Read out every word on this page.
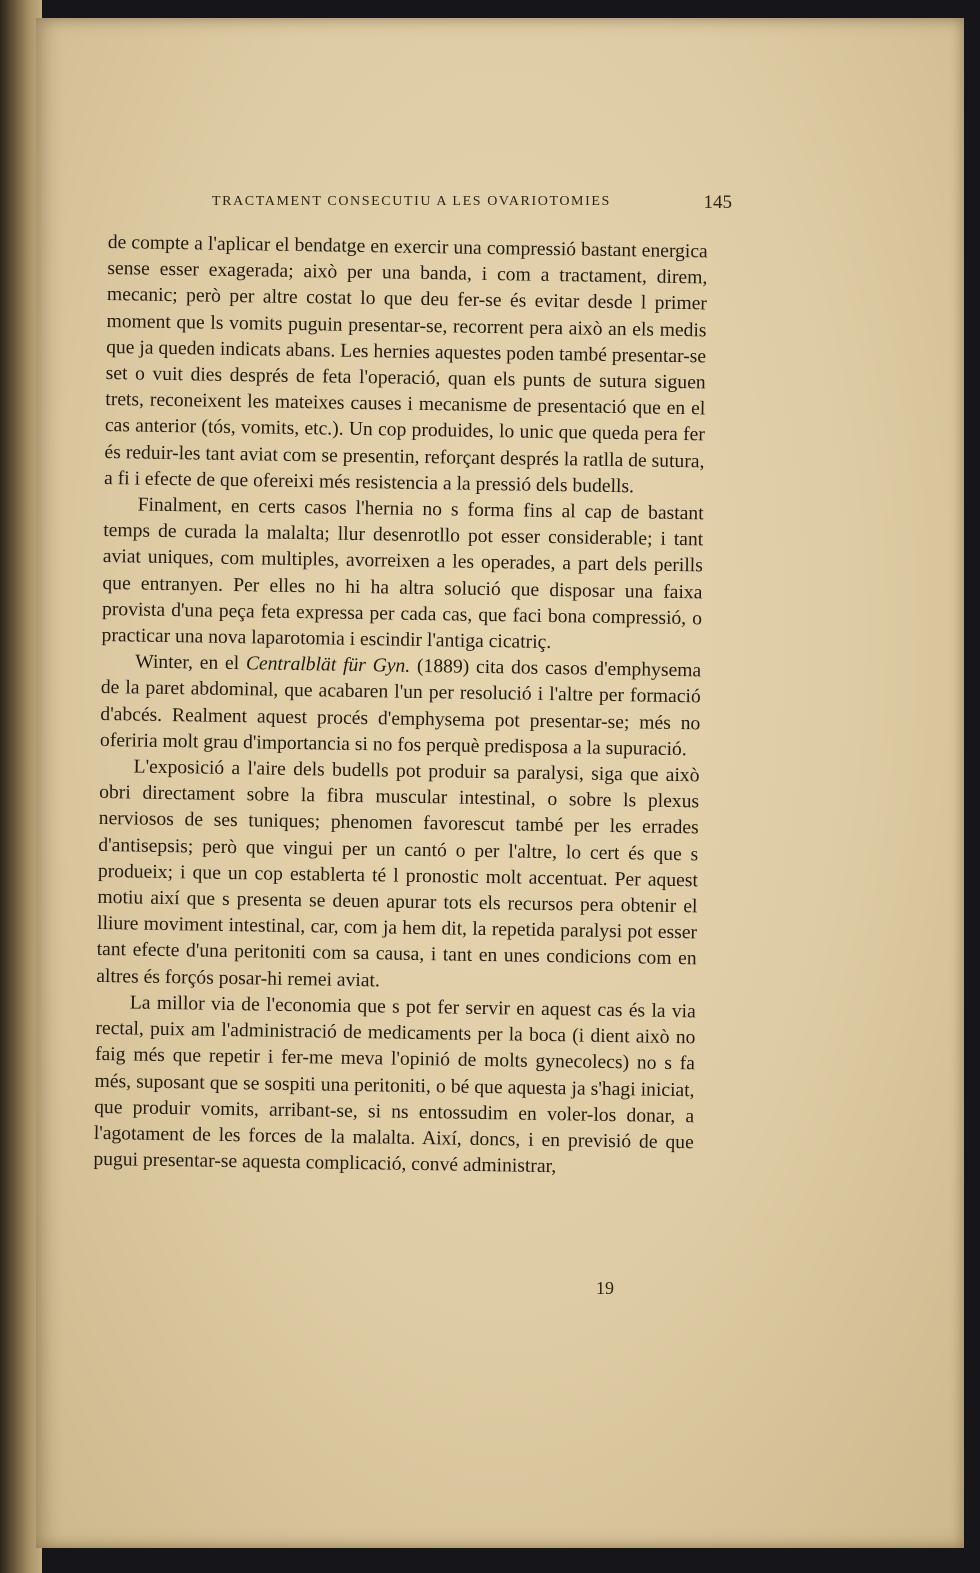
TRACTAMENT CONSECUTIU A LES OVARIOTOMIES	145

de compte a l'aplicar el bendatge en exercir una compressió bastant energica sense esser exagerada; això per una banda, i com a tractament, direm, mecanic; però per altre costat lo que deu fer-se és evitar desde l primer moment que ls vomits puguin presentar-se, recorrent pera això an els medis que ja queden indicats abans. Les hernies aquestes poden també presentar-se set o vuit dies després de feta l'operació, quan els punts de sutura siguen trets, reconeixent les mateixes causes i mecanisme de presentació que en el cas anterior (tós, vomits, etc.). Un cop produides, lo unic que queda pera fer és reduir-les tant aviat com se presentin, reforçant després la ratlla de sutura, a fi i efecte de que ofereixi més resistencia a la pressió dels budells.

Finalment, en certs casos l'hernia no s forma fins al cap de bastant temps de curada la malalta; llur desenrotllo pot esser considerable; i tant aviat uniques, com multiples, avorreixen a les operades, a part dels perills que entranyen. Per elles no hi ha altra solució que disposar una faixa provista d'una peça feta expressa per cada cas, que faci bona compressió, o practicar una nova laparotomia i escindir l'antiga cicatriç.

Winter, en el Centralblät für Gyn. (1889) cita dos casos d'emphysema de la paret abdominal, que acabaren l'un per resolució i l'altre per formació d'abcés. Realment aquest procés d'emphysema pot presentar-se; més no oferiria molt grau d'importancia si no fos perquè predisposa a la supuració.

L'exposició a l'aire dels budells pot produir sa paralysi, siga que això obri directament sobre la fibra muscular intestinal, o sobre ls plexus nerviosos de ses tuniques; phenomen favorescut també per les errades d'antisepsis; però que vingui per un cantó o per l'altre, lo cert és que s produeix; i que un cop establerta té l pronostic molt accentuat. Per aquest motiu així que s presenta se deuen apurar tots els recursos pera obtenir el lliure moviment intestinal, car, com ja hem dit, la repetida paralysi pot esser tant efecte d'una peritoniti com sa causa, i tant en unes condicions com en altres és forçós posar-hi remei aviat.

La millor via de l'economia que s pot fer servir en aquest cas és la via rectal, puix am l'administració de medicaments per la boca (i dient això no faig més que repetir i fer-me meva l'opinió de molts gynecolecs) no s fa més, suposant que se sospiti una peritoniti, o bé que aquesta ja s'hagi iniciat, que produir vomits, arribant-se, si ns entossudim en voler-los donar, a l'agotament de les forces de la malalta. Així, doncs, i en previsió de que pugui presentar-se aquesta complicació, convé administrar,

19
